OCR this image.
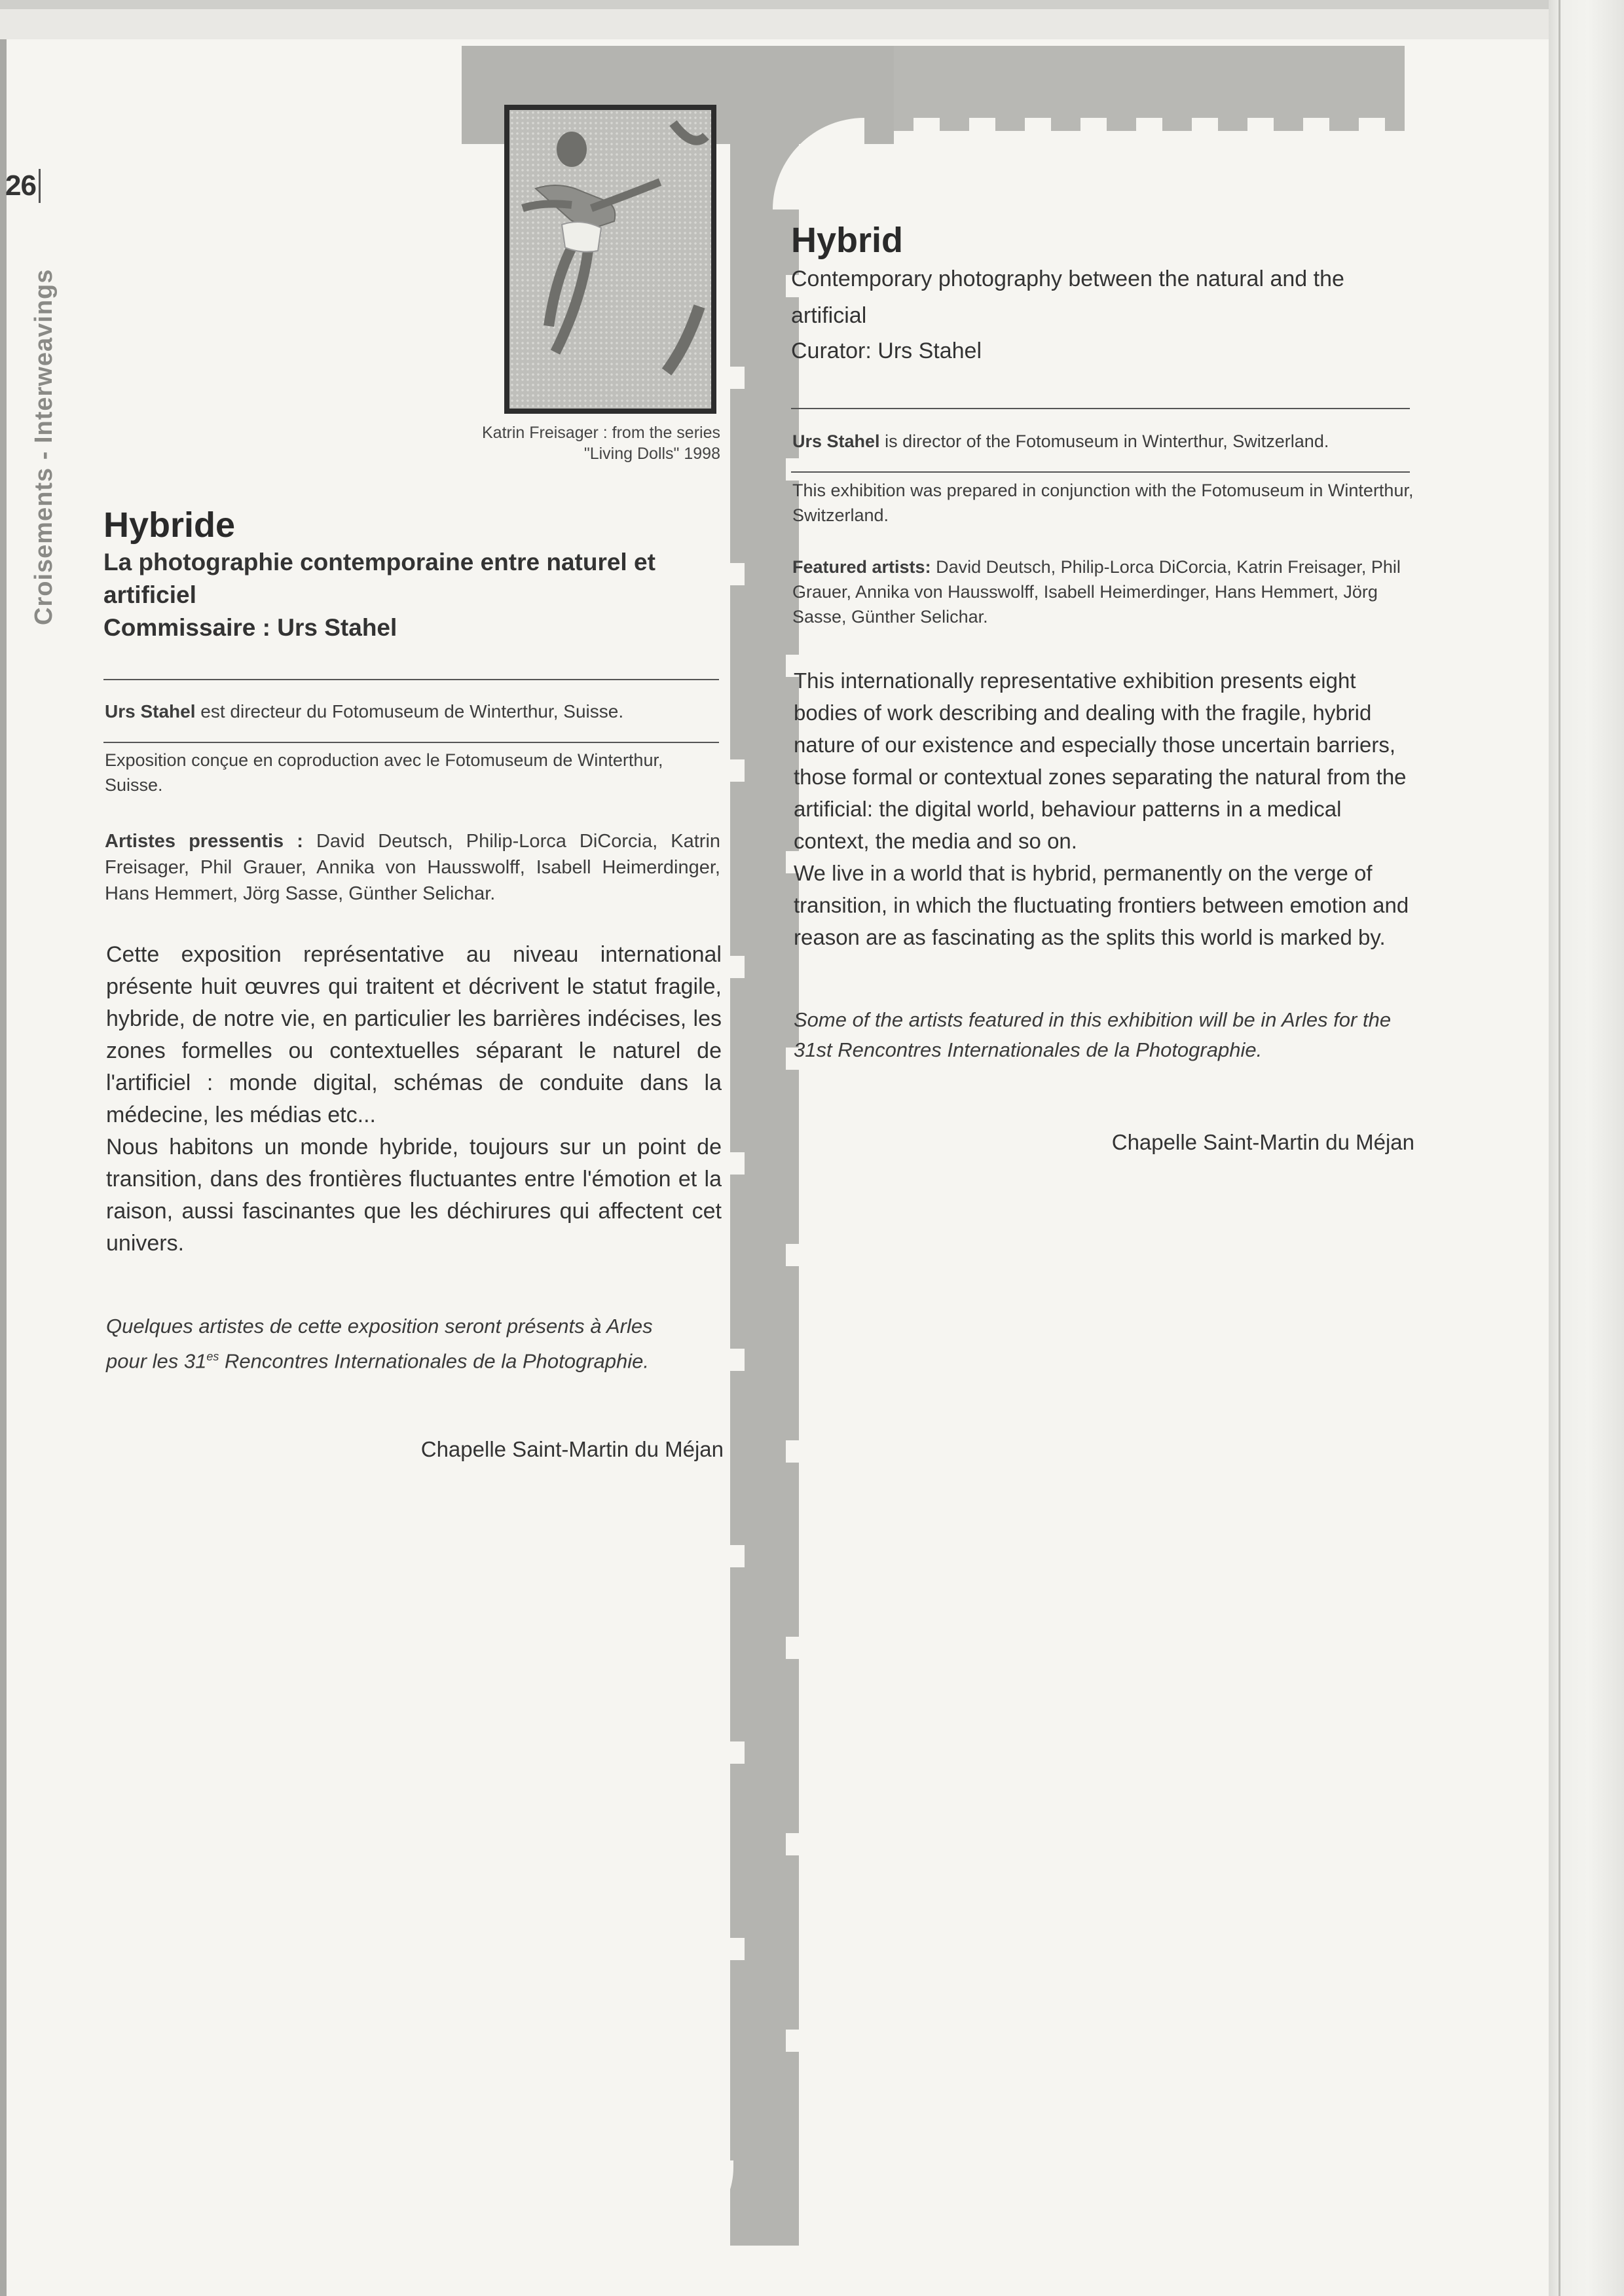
26
Croisements - Interweavings	Katrin Freisager : from the series
"Living Dolls" 1998
Hybride

La photographie contemporaine entre naturel et

artificiel

Commissaire : Urs Stahel

Urs Stahel est directeur du Fotomuseum de Winterthur, Suisse.
Exposition conçue en coproduction avec le Fotomuseum de Winterthur, Suisse.
Artistes pressentis : David Deutsch, Philip-Lorca DiCorcia, Katrin Freisager, Phil Grauer, Annika von Hausswolff, Isabell Heimerdinger, Hans Hemmert, Jörg Sasse, Günther Selichar.

Cette exposition représentative au niveau international présente huit œuvres qui traitent et décrivent le statut fragile, hybride, de notre vie, en particulier les barrières indécises, les zones formelles ou contextuelles séparant le naturel de l'artificiel : monde digital, schémas de conduite dans la médecine, les médias etc...

Nous habitons un monde hybride, toujours sur un point de transition, dans des frontières fluctuantes entre l'émotion et la raison, aussi fascinantes que les déchirures qui affectent cet univers.

Quelques artistes de cette exposition seront présents à Arles
pour les $31^{es}$ Rencontres Internationales de la Photographie.
Chapelle Saint-Martin du Méjan
Hybrid

Contemporary photography between the natural and the

artificial

Curator: Urs Stahel

Urs Stahel is director of the Fotomuseum in Winterthur, Switzerland.
This exhibition was prepared in conjunction with the Fotomuseum in Winterthur, Switzerland.
Featured artists: David Deutsch, Philip-Lorca DiCorcia, Katrin Freisager, Phil Grauer, Annika von Hausswolff, Isabell Heimerdinger, Hans Hemmert, Jörg Sasse, Günther Selichar.

This internationally representative exhibition presents eight bodies of work describing and dealing with the fragile, hybrid nature of our existence and especially those uncertain barriers, those formal or contextual zones separating the natural from the artificial: the digital world, behaviour patterns in a medical context, the media and so on.

We live in a world that is hybrid, permanently on the verge of transition, in which the fluctuating frontiers between emotion and reason are as fascinating as the splits this world is marked by.

Some of the artists featured in this exhibition will be in Arles for the 31st Rencontres Internationales de la Photographie.
Chapelle Saint-Martin du Méjan
